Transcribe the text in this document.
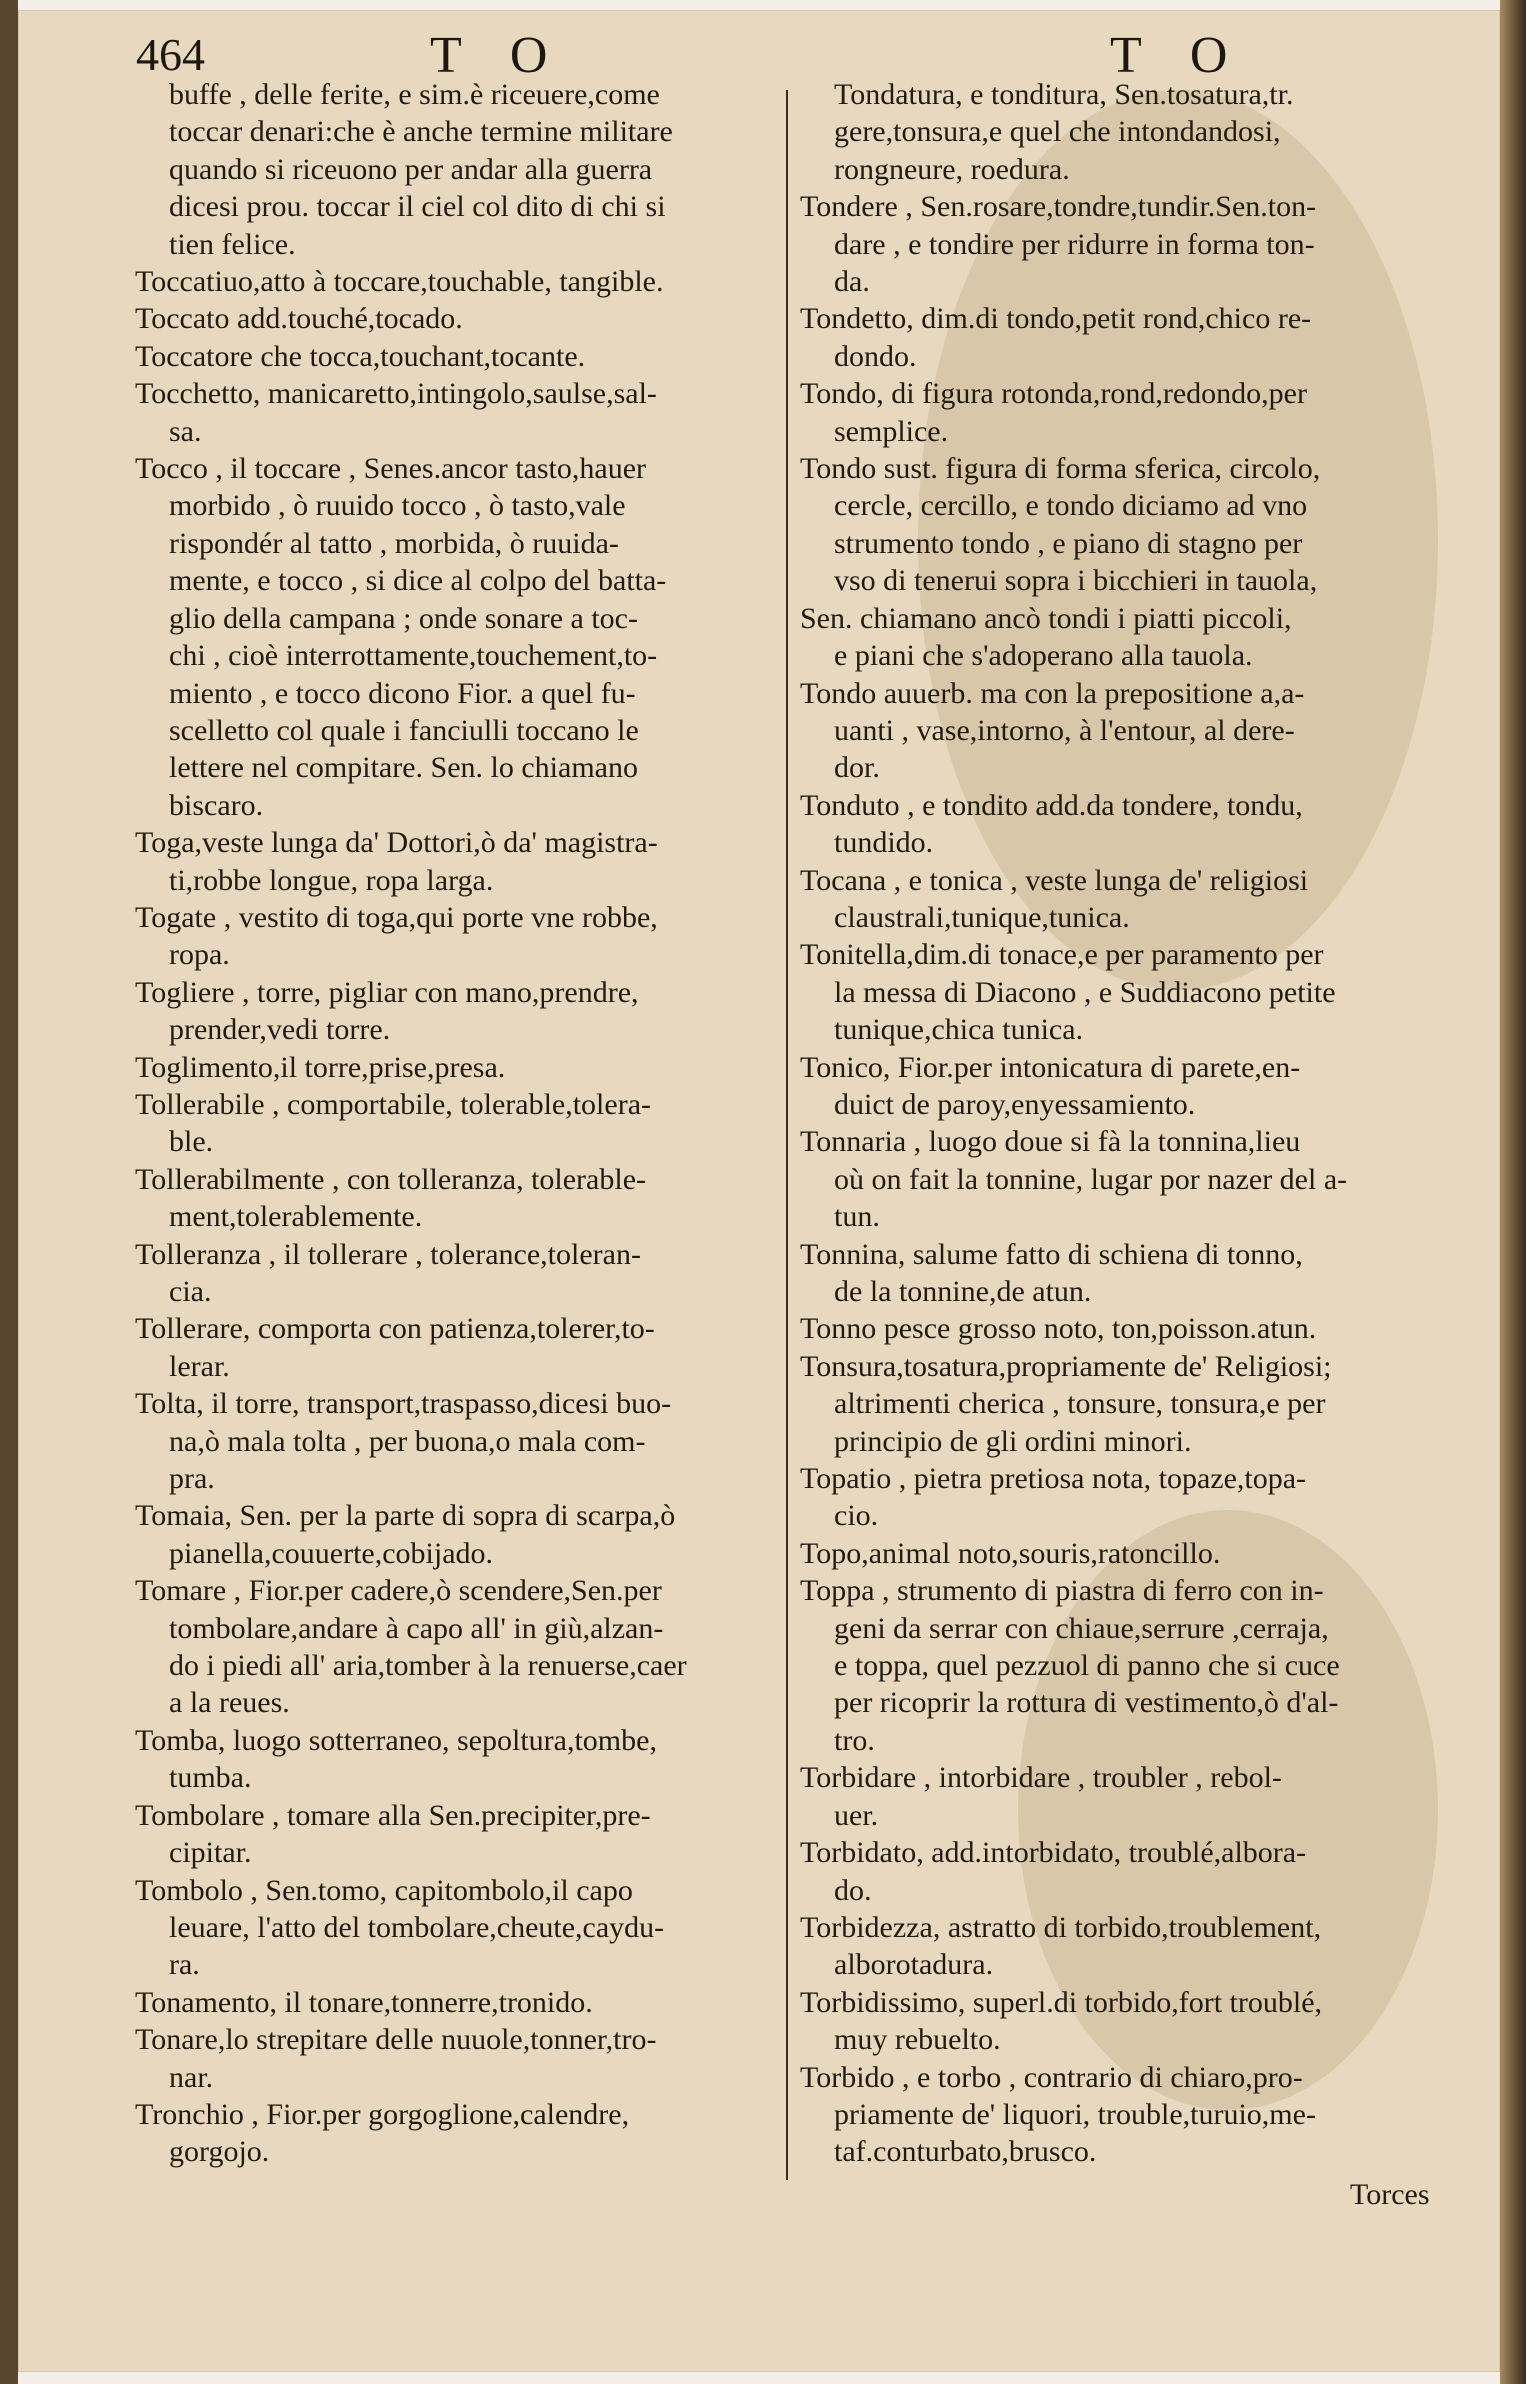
464	T O	T O

buffe , delle ferite, e sim.è riceuere,come

toccar denari:che è anche termine militare

quando si riceuono per andar alla guerra

dicesi prou. toccar il ciel col dito di chi si

tien felice.

Toccatiuo,atto à toccare,touchable, tangible.

Toccato add.touché,tocado.

Toccatore che tocca,touchant,tocante.

Tocchetto, manicaretto,intingolo,saulse,sal-

sa.

Tocco , il toccare , Senes.ancor tasto,hauer

morbido , ò ruuido tocco , ò tasto,vale

rispondér al tatto , morbida, ò ruuida-

mente, e tocco , si dice al colpo del batta-

glio della campana ; onde sonare a toc-

chi , cioè interrottamente,touchement,to-

miento , e tocco dicono Fior. a quel fu-

scelletto col quale i fanciulli toccano le

lettere nel compitare. Sen. lo chiamano

biscaro.

Toga,veste lunga da' Dottori,ò da' magistra-

ti,robbe longue, ropa larga.

Togate , vestito di toga,qui porte vne robbe,

ropa.

Togliere , torre, pigliar con mano,prendre,

prender,vedi torre.

Toglimento,il torre,prise,presa.

Tollerabile , comportabile, tolerable,tolera-

ble.

Tollerabilmente , con tolleranza, tolerable-

ment,tolerablemente.

Tolleranza , il tollerare , tolerance,toleran-

cia.

Tollerare, comporta con patienza,tolerer,to-

lerar.

Tolta, il torre, transport,traspasso,dicesi buo-

na,ò mala tolta , per buona,o mala com-

pra.

Tomaia, Sen. per la parte di sopra di scarpa,ò

pianella,couuerte,cobijado.

Tomare , Fior.per cadere,ò scendere,Sen.per

tombolare,andare à capo all' in giù,alzan-

do i piedi all' aria,tomber à la renuerse,caer

a la reues.

Tomba, luogo sotterraneo, sepoltura,tombe,

tumba.

Tombolare , tomare alla Sen.precipiter,pre-

cipitar.

Tombolo , Sen.tomo, capitombolo,il capo

leuare, l'atto del tombolare,cheute,caydu-

ra.

Tonamento, il tonare,tonnerre,tronido.

Tonare,lo strepitare delle nuuole,tonner,tro-

nar.

Tronchio , Fior.per gorgoglione,calendre,

gorgojo.

Tondatura, e tonditura, Sen.tosatura,tr.

gere,tonsura,e quel che intondandosi,

rongneure, roedura.

Tondere , Sen.rosare,tondre,tundir.Sen.ton-

dare , e tondire per ridurre in forma ton-

da.

Tondetto, dim.di tondo,petit rond,chico re-

dondo.

Tondo, di figura rotonda,rond,redondo,per

semplice.

Tondo sust. figura di forma sferica, circolo,

cercle, cercillo, e tondo diciamo ad vno

strumento tondo , e piano di stagno per

vso di tenerui sopra i bicchieri in tauola,

Sen. chiamano ancò tondi i piatti piccoli,

e piani che s'adoperano alla tauola.

Tondo auuerb. ma con la prepositione a,a-

uanti , vase,intorno, à l'entour, al dere-

dor.

Tonduto , e tondito add.da tondere, tondu,

tundido.

Tocana , e tonica , veste lunga de' religiosi

claustrali,tunique,tunica.

Tonitella,dim.di tonace,e per paramento per

la messa di Diacono , e Suddiacono petite

tunique,chica tunica.

Tonico, Fior.per intonicatura di parete,en-

duict de paroy,enyessamiento.

Tonnaria , luogo doue si fà la tonnina,lieu

où on fait la tonnine, lugar por nazer del a-

tun.

Tonnina, salume fatto di schiena di tonno,

de la tonnine,de atun.

Tonno pesce grosso noto, ton,poisson.atun.

Tonsura,tosatura,propriamente de' Religiosi;

altrimenti cherica , tonsure, tonsura,e per

principio de gli ordini minori.

Topatio , pietra pretiosa nota, topaze,topa-

cio.

Topo,animal noto,souris,ratoncillo.

Toppa , strumento di piastra di ferro con in-

geni da serrar con chiaue,serrure ,cerraja,

e toppa, quel pezzuol di panno che si cuce

per ricoprir la rottura di vestimento,ò d'al-

tro.

Torbidare , intorbidare , troubler , rebol-

uer.

Torbidato, add.intorbidato, troublé,albora-

do.

Torbidezza, astratto di torbido,troublement,

alborotadura.

Torbidissimo, superl.di torbido,fort troublé,

muy rebuelto.

Torbido , e torbo , contrario di chiaro,pro-

priamente de' liquori, trouble,turuio,me-

taf.conturbato,brusco.

Torces
